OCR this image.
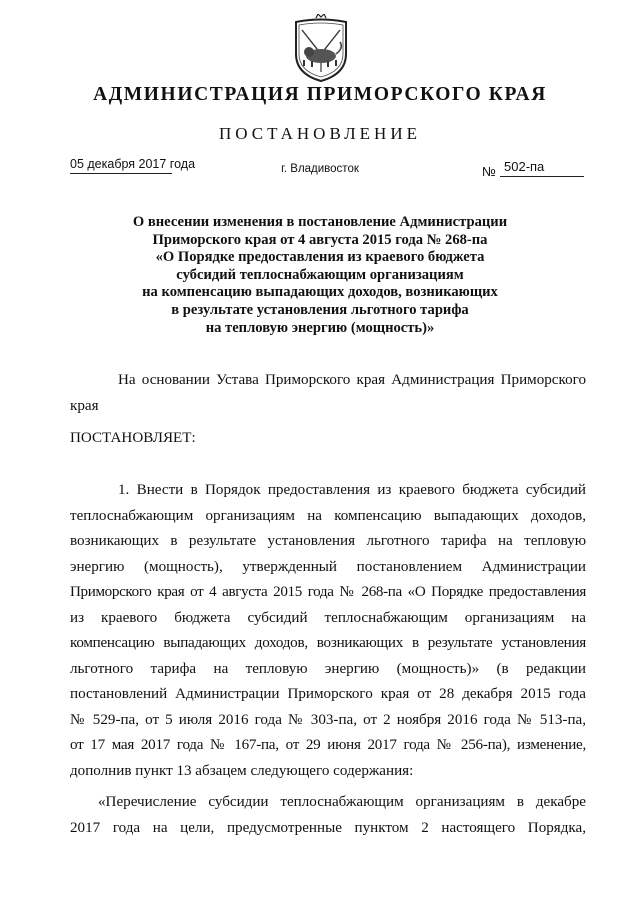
АДМИНИСТРАЦИЯ ПРИМОРСКОГО КРАЯ
ПОСТАНОВЛЕНИЕ
05 декабря 2017 года	г. Владивосток	№ 502-па
О внесении изменения в постановление Администрации
Приморского края от 4 августа 2015 года № 268-па
«О Порядке предоставления из краевого бюджета
субсидий теплоснабжающим организациям
на компенсацию выпадающих доходов, возникающих
в результате установления льготного тарифа
на тепловую энергию (мощность)»
На основании Устава Приморского края Администрация Приморского
края
ПОСТАНОВЛЯЕТ:
1. Внести в Порядок предоставления из краевого бюджета субсидий
теплоснабжающим организациям на компенсацию выпадающих доходов,
возникающих в результате установления льготного тарифа на тепловую
энергию (мощность), утвержденный постановлением Администрации
Приморского края от 4 августа 2015 года № 268-па «О Порядке предоставления
из краевого бюджета субсидий теплоснабжающим организациям на
компенсацию выпадающих доходов, возникающих в результате установления
льготного тарифа на тепловую энергию (мощность)» (в редакции
постановлений Администрации Приморского края от 28 декабря 2015 года
№ 529-па, от 5 июля 2016 года № 303-па, от 2 ноября 2016 года № 513-па,
от 17 мая 2017 года № 167-па, от 29 июня 2017 года № 256-па), изменение,
дополнив пункт 13 абзацем следующего содержания:
«Перечисление субсидии теплоснабжающим организациям в декабре
2017 года на цели, предусмотренные пунктом 2 настоящего Порядка,
